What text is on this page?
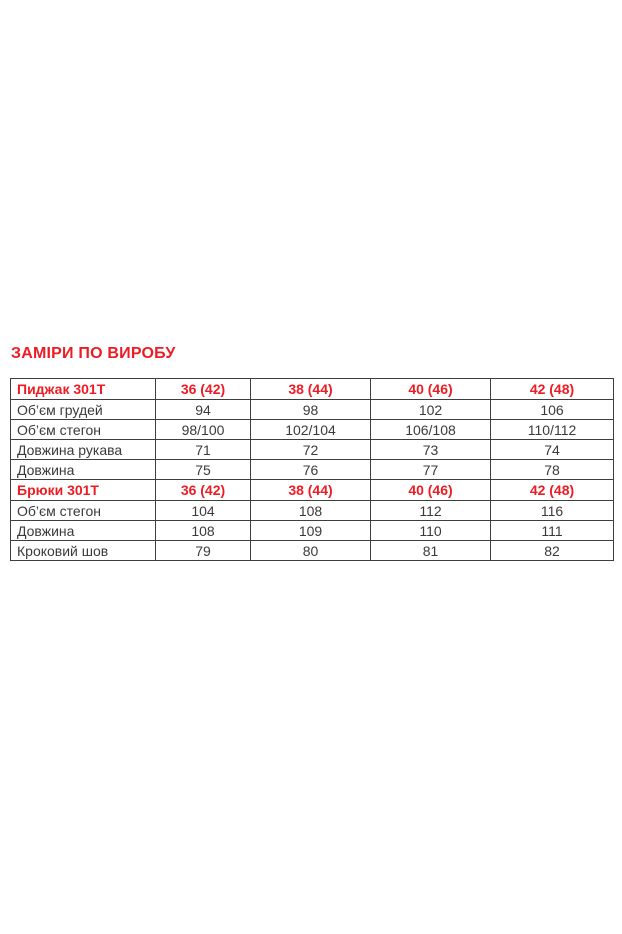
ЗАМІРИ ПО ВИРОБУ
Пиджак 301Т	36 (42)	38 (44)	40 (46)	42 (48)
Об’єм грудей	94	98	102	106
Об’єм стегон	98/100	102/104	106/108	110/112
Довжина рукава	71	72	73	74
Довжина	75	76	77	78
Брюки 301Т	36 (42)	38 (44)	40 (46)	42 (48)
Об’єм стегон	104	108	112	116
Довжина	108	109	110	111
Кроковий шов	79	80	81	82
